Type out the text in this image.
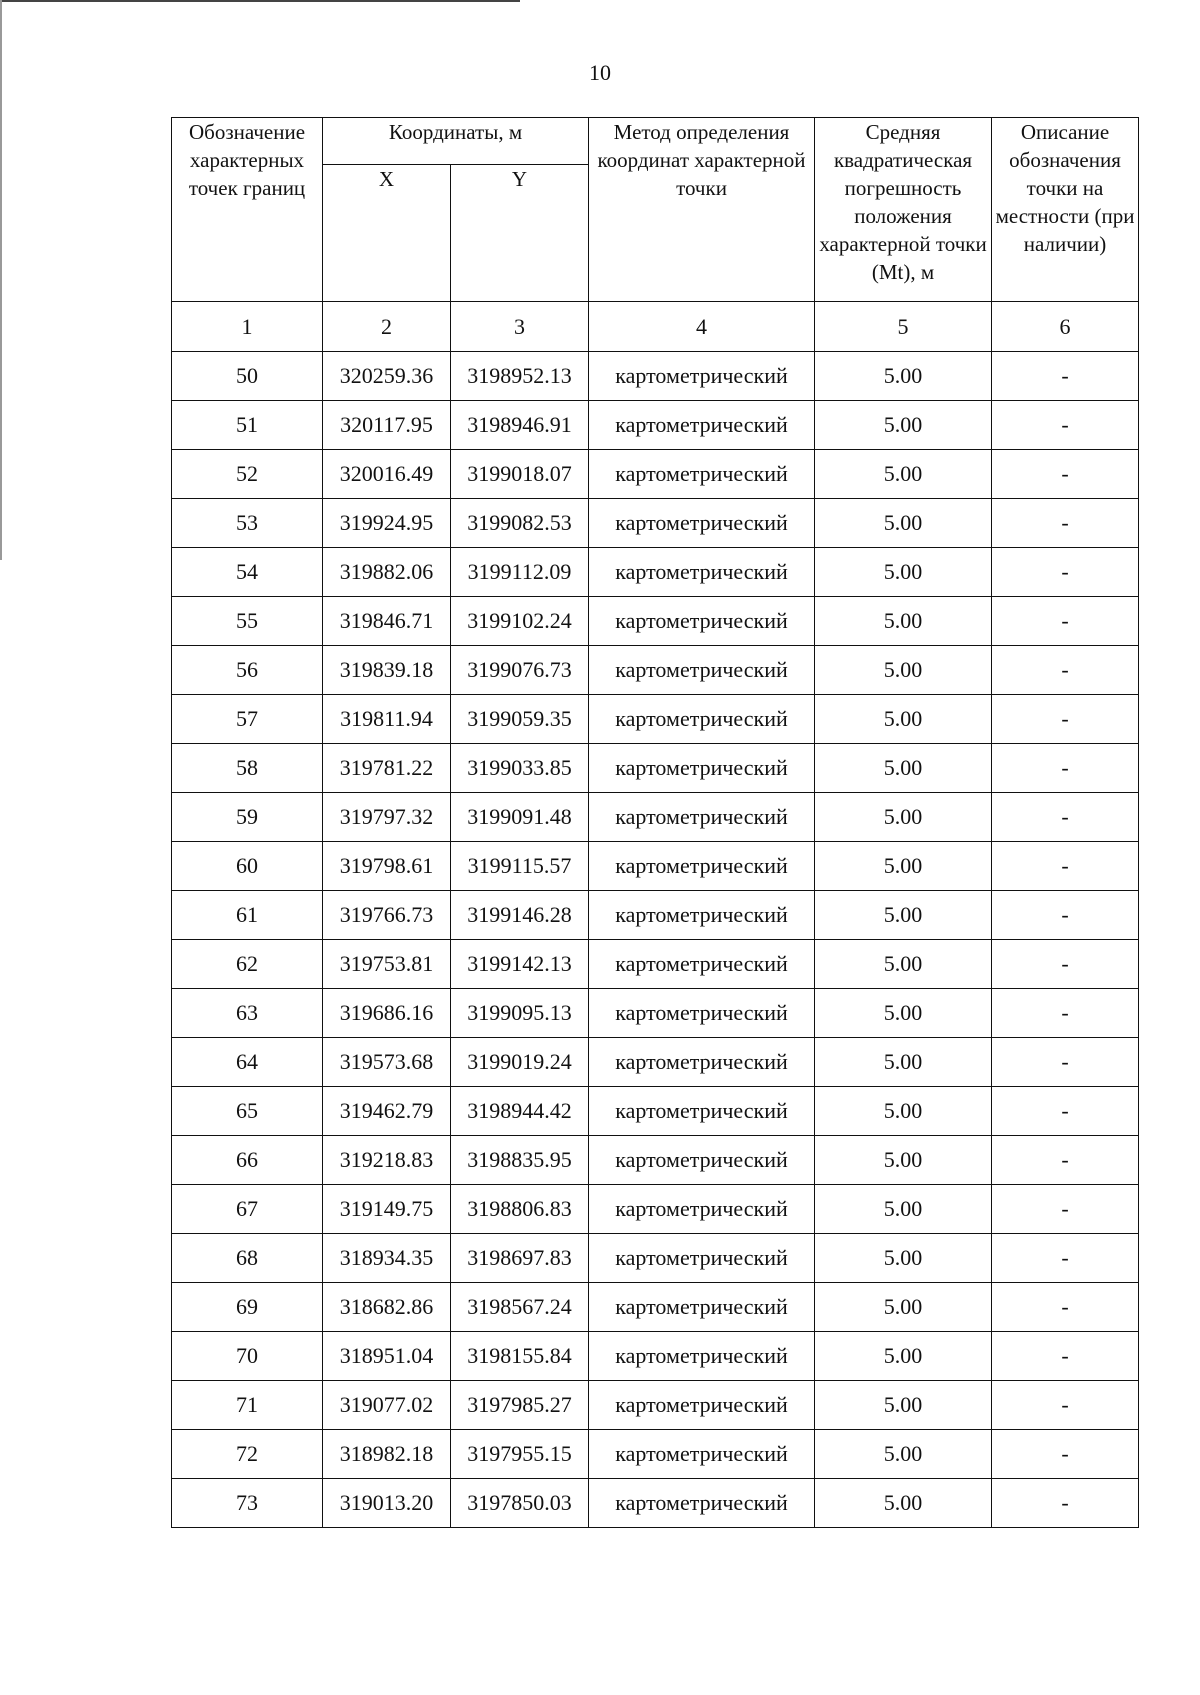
10
Обозначение характерных точек границ	Координаты, м		Метод определения координат характерной точки	Средняя квадратическая погрешность положения характерной точки (Mt), м	Описание обозначения точки на местности (при наличии)
	X	Y			
1	2	3	4	5	6
50	320259.36	3198952.13	картометрический	5.00	-
51	320117.95	3198946.91	картометрический	5.00	-
52	320016.49	3199018.07	картометрический	5.00	-
53	319924.95	3199082.53	картометрический	5.00	-
54	319882.06	3199112.09	картометрический	5.00	-
55	319846.71	3199102.24	картометрический	5.00	-
56	319839.18	3199076.73	картометрический	5.00	-
57	319811.94	3199059.35	картометрический	5.00	-
58	319781.22	3199033.85	картометрический	5.00	-
59	319797.32	3199091.48	картометрический	5.00	-
60	319798.61	3199115.57	картометрический	5.00	-
61	319766.73	3199146.28	картометрический	5.00	-
62	319753.81	3199142.13	картометрический	5.00	-
63	319686.16	3199095.13	картометрический	5.00	-
64	319573.68	3199019.24	картометрический	5.00	-
65	319462.79	3198944.42	картометрический	5.00	-
66	319218.83	3198835.95	картометрический	5.00	-
67	319149.75	3198806.83	картометрический	5.00	-
68	318934.35	3198697.83	картометрический	5.00	-
69	318682.86	3198567.24	картометрический	5.00	-
70	318951.04	3198155.84	картометрический	5.00	-
71	319077.02	3197985.27	картометрический	5.00	-
72	318982.18	3197955.15	картометрический	5.00	-
73	319013.20	3197850.03	картометрический	5.00	-
